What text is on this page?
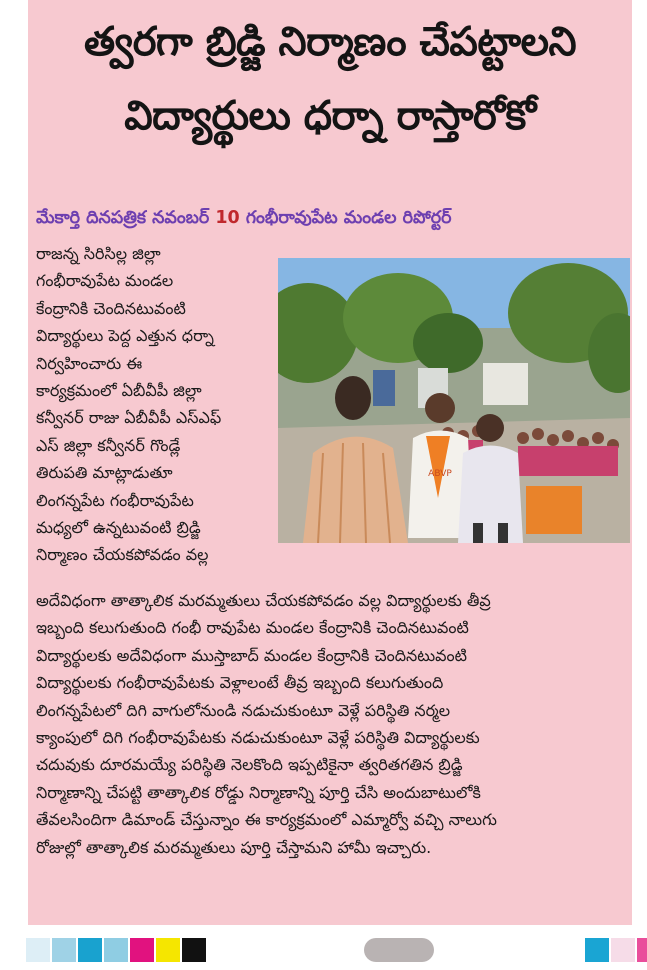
త్వరగా బ్రిడ్జి నిర్మాణం చేపట్టాలని
విద్యార్థులు ధర్నా రాస్తారోకో
మేకార్తి దినపత్రిక నవంబర్ 10 గంభీరావుపేట మండల రిపోర్టర్
రాజన్న సిరిసిల్ల జిల్లా
గంభీరావుపేట మండల
కేంద్రానికి చెందినటువంటి
విద్యార్థులు పెద్ద ఎత్తున ధర్నా
నిర్వహించారు ఈ
కార్యక్రమంలో ఏబీవీపీ జిల్లా
కన్వీనర్ రాజు ఏబీవీపీ ఎస్ఎఫ్
ఎస్ జిల్లా కన్వీనర్ గొండ్లే
తిరుపతి మాట్లాడుతూ
లింగన్నపేట గంభీరావుపేట
మధ్యలో ఉన్నటువంటి బ్రిడ్జి
నిర్మాణం చేయకపోవడం వల్ల
ABVP
అదేవిధంగా తాత్కాలిక మరమ్మతులు చేయకపోవడం వల్ల విద్యార్థులకు తీవ్ర
ఇబ్బంది కలుగుతుంది గంభీ రావుపేట మండల కేంద్రానికి చెందినటువంటి
విద్యార్థులకు అదేవిధంగా ముస్తాబాద్ మండల కేంద్రానికి చెందినటువంటి
విద్యార్థులకు గంభీరావుపేటకు వెళ్లాలంటే తీవ్ర ఇబ్బంది కలుగుతుంది
లింగన్నపేటలో దిగి వాగులోనుండి నడుచుకుంటూ వెళ్లే పరిస్థితి నర్మల
క్యాంపులో దిగి గంభీరావుపేటకు నడుచుకుంటూ వెళ్లే పరిస్థితి విద్యార్థులకు
చదువుకు దూరమయ్యే పరిస్థితి నెలకొంది ఇప్పటికైనా త్వరితగతిన బ్రిడ్జి
నిర్మాణాన్ని చేపట్టి తాత్కాలిక రోడ్డు నిర్మాణాన్ని పూర్తి చేసి అందుబాటులోకి
తేవలసిందిగా డిమాండ్ చేస్తున్నాం ఈ కార్యక్రమంలో ఎమ్మార్వో వచ్చి నాలుగు
రోజుల్లో తాత్కాలిక మరమ్మతులు పూర్తి చేస్తామని హామీ ఇచ్చారు.
